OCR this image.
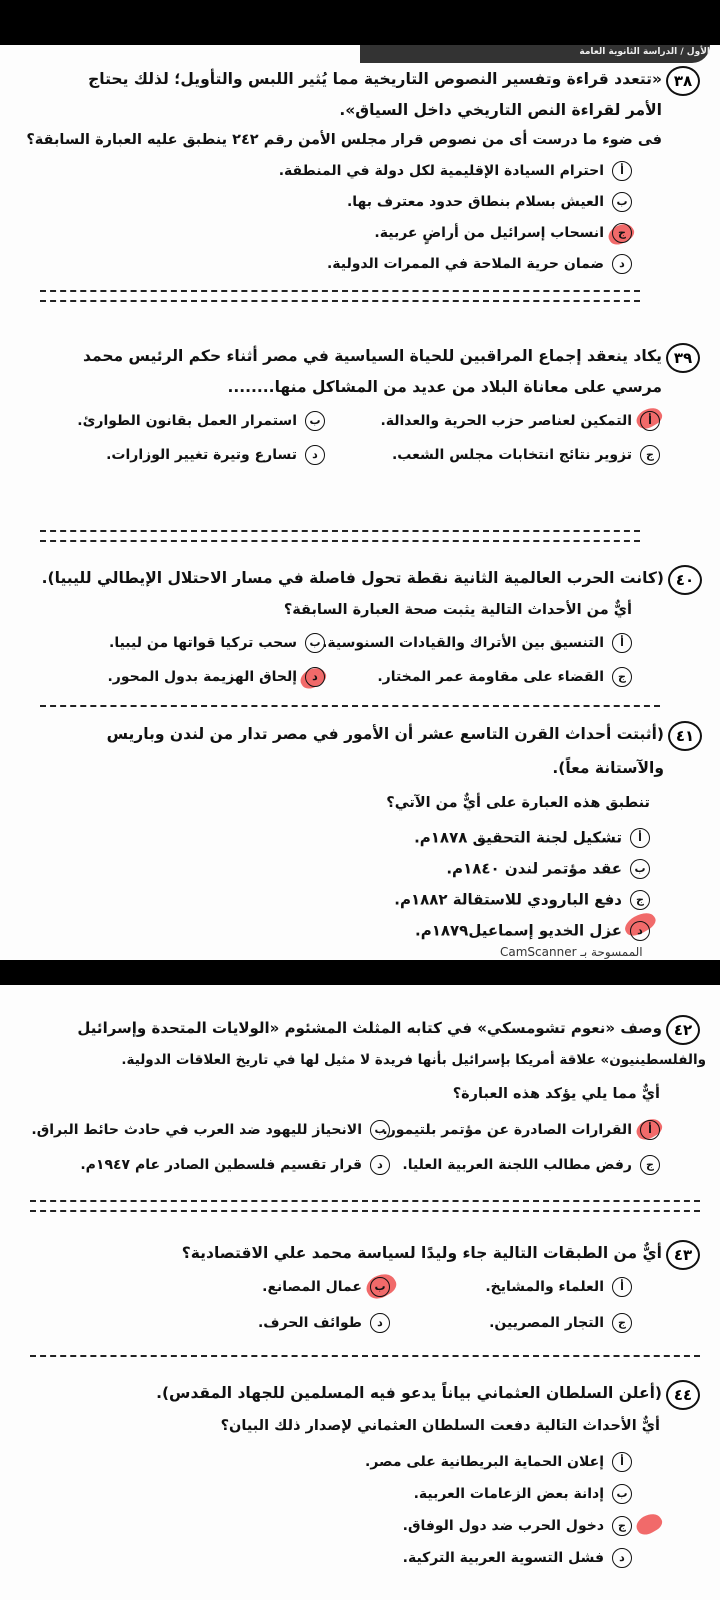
الأول / الدراسة الثانوية العامة
٣٨
«تتعدد قراءة وتفسير النصوص التاريخية مما يُثير اللبس والتأويل؛ لذلك يحتاج
الأمر لقراءة النص التاريخي داخل السياق».
فى ضوء ما درست أى من نصوص قرار مجلس الأمن رقم ٢٤٢ ينطبق عليه العبارة السابقة؟
أاحترام السيادة الإقليمية لكل دولة في المنطقة.
بالعيش بسلام بنطاق حدود معترف بها.
جانسحاب إسرائيل من أراضٍ عربية.
دضمان حرية الملاحة في الممرات الدولية.
٣٩
يكاد ينعقد إجماع المراقبين للحياة السياسية في مصر أثناء حكم الرئيس محمد
مرسي على معاناة البلاد من عديد من المشاكل منها........
أالتمكين لعناصر حزب الحرية والعدالة.
باستمرار العمل بقانون الطوارئ.
جتزوير نتائج انتخابات مجلس الشعب.
دتسارع وتيرة تغيير الوزارات.
٤٠
(كانت الحرب العالمية الثانية نقطة تحول فاصلة في مسار الاحتلال الإيطالي لليبيا).
أيٌّ من الأحداث التالية يثبت صحة العبارة السابقة؟
أالتنسيق بين الأتراك والقيادات السنوسية.
بسحب تركيا قواتها من ليبيا.
جالقضاء على مقاومة عمر المختار.
دإلحاق الهزيمة بدول المحور.
٤١
(أثبتت أحداث القرن التاسع عشر أن الأمور في مصر تدار من لندن وباريس
والآستانة معاً).
تنطبق هذه العبارة على أيٌّ من الآتي؟
أتشكيل لجنة التحقيق ١٨٧٨م.
بعقد مؤتمر لندن ١٨٤٠م.
جدفع البارودي للاستقالة ١٨٨٢م.
دعزل الخديو إسماعيل١٨٧٩م.
الممسوحة بـ CamScanner
٤٢
وصف «نعوم تشومسكي» في كتابه المثلث المشئوم «الولايات المتحدة وإسرائيل
والفلسطينيون» علاقة أمريكا بإسرائيل بأنها فريدة لا مثيل لها في تاريخ العلاقات الدولية.
أيٌّ مما يلي يؤكد هذه العبارة؟
أالقرارات الصادرة عن مؤتمر بلتيمور.
بالانحياز لليهود ضد العرب في حادث حائط البراق.
جرفض مطالب اللجنة العربية العليا.
دقرار تقسيم فلسطين الصادر عام ١٩٤٧م.
٤٣
أيٌّ من الطبقات التالية جاء وليدًا لسياسة محمد علي الاقتصادية؟
أالعلماء والمشايخ.
بعمال المصانع.
جالتجار المصريين.
دطوائف الحرف.
٤٤
(أعلن السلطان العثماني بياناً يدعو فيه المسلمين للجهاد المقدس).
أيٌّ الأحداث التالية دفعت السلطان العثماني لإصدار ذلك البيان؟
أإعلان الحماية البريطانية على مصر.
بإدانة بعض الزعامات العربية.
جدخول الحرب ضد دول الوفاق.
دفشل التسوية العربية التركية.
